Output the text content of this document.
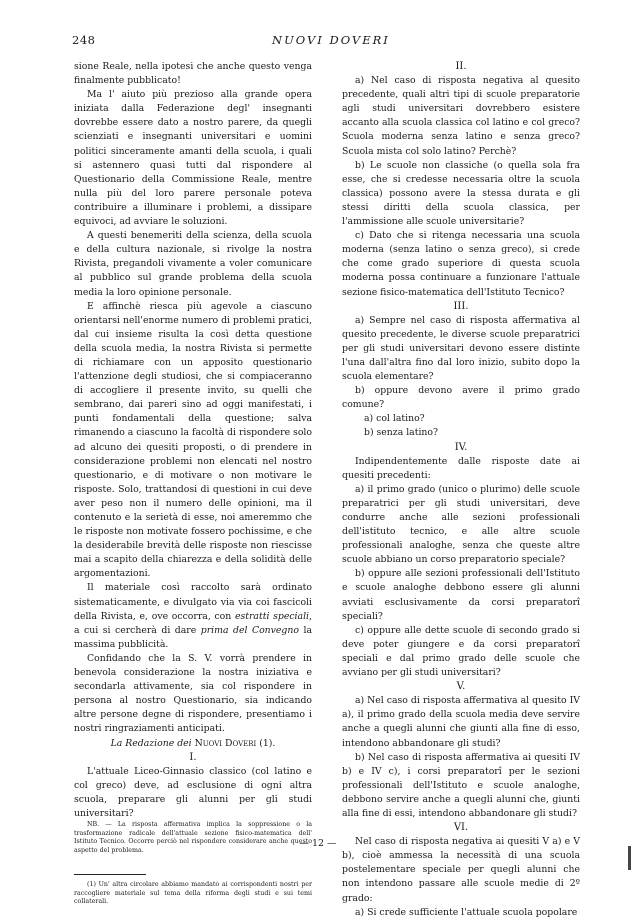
248	NUOVI DOVERI

sione Reale, nella ipotesi che anche questo venga finalmente pubblicato!

Ma l' aiuto più prezioso alla grande opera iniziata dalla Federazione degl' insegnanti dovrebbe essere dato a nostro parere, da quegli scienziati e insegnanti universitari e uomini politici sinceramente amanti della scuola, i quali si astennero quasi tutti dal rispondere al Questionario della Commissione Reale, mentre nulla più del loro parere personale poteva contribuire a illuminare i problemi, a dissipare equivoci, ad avviare le soluzioni.

A questi benemeriti della scienza, della scuola e della cultura nazionale, si rivolge la nostra Rivista, pregandoli vivamente a voler comunicare al pubblico sul grande problema della scuola media la loro opinione personale.

E affinchè riesca più agevole a ciascuno orientarsi nell'enorme numero di problemi pratici, dal cui insieme risulta la così detta questione della scuola media, la nostra Rivista si permette di richiamare con un apposito questionario l'attenzione degli studiosi, che si compiaceranno di accogliere il presente invito, su quelli che sembrano, dai pareri sino ad oggi manifestati, i punti fondamentali della questione; salva rimanendo a ciascuno la facoltà di rispondere solo ad alcuno dei quesiti proposti, o di prendere in considerazione problemi non elencati nel nostro questionario, e di motivare o non motivare le risposte. Solo, trattandosi di questioni in cui deve aver peso non il numero delle opinioni, ma il contenuto e la serietà di esse, noi ameremmo che le risposte non motivate fossero pochissime, e che la desiderabile brevità delle risposte non riescisse mai a scapito della chiarezza e della solidità delle argomentazioni.

Il materiale così raccolto sarà ordinato sistematicamente, e divulgato via via coi fascicoli della Rivista, e, ove occorra, con estratti speciali, a cui si cercherà di dare prima del Convegno la massima pubblicità.

Confidando che la S. V. vorrà prendere in benevola considerazione la nostra iniziativa e secondarla attivamente, sia col rispondere in persona al nostro Questionario, sia indicando altre persone degne di rispondere, presentiamo i nostri ringraziamenti anticipati.

La Redazione dei Nuovi Doveri (1).

I.

L'attuale Liceo-Ginnasio classico (col latino e col greco) deve, ad esclusione di ogni altra scuola, preparare gli alunni per gli studi universitari?

NB. — La risposta affermativa implica la soppressione o la trasformazione radicale dell'attuale sezione fisico-matematica dell' Istituto Tecnico. Occorre perciò nel rispondere considerare anche questo aspetto del problema.

(1) Un' altra circolare abbiamo mandato ai corrispondenti nostri per raccogliere materiale sul tema della riforma degli studi e sui temi collaterali.

II.

a) Nel caso di risposta negativa al quesito precedente, quali altri tipi di scuole preparatorie agli studi universitari dovrebbero esistere accanto alla scuola classica col latino e col greco? Scuola moderna senza latino e senza greco? Scuola mista col solo latino? Perchè?

b) Le scuole non classiche (o quella sola fra esse, che si credesse necessaria oltre la scuola classica) possono avere la stessa durata e gli stessi diritti della scuola classica, per l'ammissione alle scuole universitarie?

c) Dato che si ritenga necessaria una scuola moderna (senza latino o senza greco), si crede che come grado superiore di questa scuola moderna possa continuare a funzionare l'attuale sezione fisico-matematica dell'Istituto Tecnico?

III.

a) Sempre nel caso di risposta affermativa al quesito precedente, le diverse scuole preparatrici per gli studi universitari devono essere distinte l'una dall'altra fino dal loro inizio, subito dopo la scuola elementare?

b) oppure devono avere il primo grado comune?

a) col latino?

b) senza latino?

IV.

Indipendentemente dalle risposte date ai quesiti precedenti:

a) il primo grado (unico o plurimo) delle scuole preparatrici per gli studi universitari, deve condurre anche alle sezioni professionali dell'istituto tecnico, e alle altre scuole professionali analoghe, senza che queste altre scuole abbiano un corso preparatorio speciale?

b) oppure alle sezioni professionali dell'Istituto e scuole analoghe debbono essere gli alunni avviati esclusivamente da corsi preparatorî speciali?

c) oppure alle dette scuole di secondo grado si deve poter giungere e da corsi preparatorî speciali e dal primo grado delle scuole che avviano per gli studi universitari?

V.

a) Nel caso di risposta affermativa al quesito IV a), il primo grado della scuola media deve servire anche a quegli alunni che giunti alla fine di esso, intendono abbandonare gli studi?

b) Nel caso di risposta affermativa ai quesiti IV b) e IV c), i corsi preparatorî per le sezioni professionali dell'Istituto e scuole analoghe, debbono servire anche a quegli alunni che, giunti alla fine di essi, intendono abbandonare gli studi?

VI.

Nel caso di risposta negativa ai quesiti V a) e V b), cioè ammessa la necessità di una scuola postelementare speciale per quegli alunni che non intendono passare alle scuole medie di 2º grado:

a) Si crede sufficiente l'attuale scuola popolare

— 12 —
